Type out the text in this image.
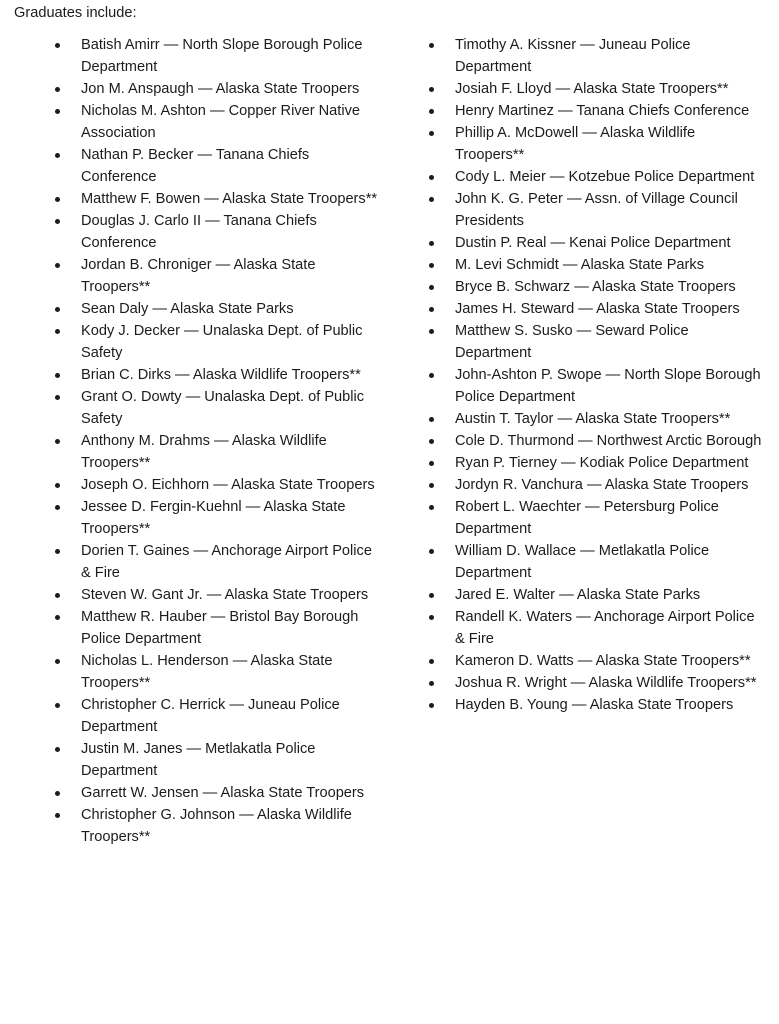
Graduates include:
Batish Amirr — North Slope Borough Police Department
Jon M. Anspaugh — Alaska State Troopers
Nicholas M. Ashton — Copper River Native Association
Nathan P. Becker — Tanana Chiefs Conference
Matthew F. Bowen — Alaska State Troopers**
Douglas J. Carlo II — Tanana Chiefs Conference
Jordan B. Chroniger — Alaska State Troopers**
Sean Daly — Alaska State Parks
Kody J. Decker — Unalaska Dept. of Public Safety
Brian C. Dirks — Alaska Wildlife Troopers**
Grant O. Dowty — Unalaska Dept. of Public Safety
Anthony M. Drahms — Alaska Wildlife Troopers**
Joseph O. Eichhorn — Alaska State Troopers
Jessee D. Fergin-Kuehnl — Alaska State Troopers**
Dorien T. Gaines — Anchorage Airport Police & Fire
Steven W. Gant Jr. — Alaska State Troopers
Matthew R. Hauber — Bristol Bay Borough Police Department
Nicholas L. Henderson — Alaska State Troopers**
Christopher C. Herrick — Juneau Police Department
Justin M. Janes — Metlakatla Police Department
Garrett W. Jensen — Alaska State Troopers
Christopher G. Johnson — Alaska Wildlife Troopers**
Timothy A. Kissner — Juneau Police Department
Josiah F. Lloyd — Alaska State Troopers**
Henry Martinez — Tanana Chiefs Conference
Phillip A. McDowell — Alaska Wildlife Troopers**
Cody L. Meier — Kotzebue Police Department
John K. G. Peter — Assn. of Village Council Presidents
Dustin P. Real — Kenai Police Department
M. Levi Schmidt — Alaska State Parks
Bryce B. Schwarz — Alaska State Troopers
James H. Steward — Alaska State Troopers
Matthew S. Susko — Seward Police Department
John-Ashton P. Swope — North Slope Borough Police Department
Austin T. Taylor — Alaska State Troopers**
Cole D. Thurmond — Northwest Arctic Borough
Ryan P. Tierney — Kodiak Police Department
Jordyn R. Vanchura — Alaska State Troopers
Robert L. Waechter — Petersburg Police Department
William D. Wallace — Metlakatla Police Department
Jared E. Walter — Alaska State Parks
Randell K. Waters — Anchorage Airport Police & Fire
Kameron D. Watts — Alaska State Troopers**
Joshua R. Wright — Alaska Wildlife Troopers**
Hayden B. Young — Alaska State Troopers
